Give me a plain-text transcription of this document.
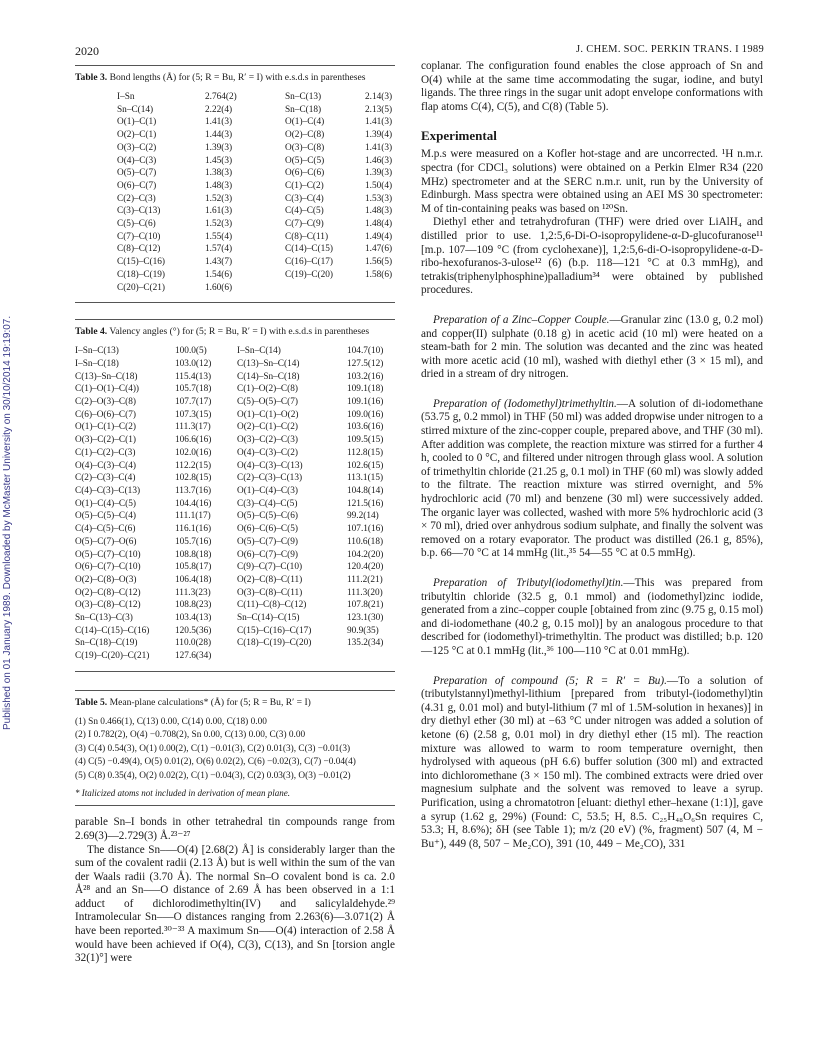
Published on 01 January 1989. Downloaded by McMaster University on 30/10/2014 19:19:07.
2020	J. CHEM. SOC. PERKIN TRANS. I 1989
Table 3. Bond lengths (Å) for (5; R = Bu, R′ = I) with e.s.d.s in parentheses
I–Sn	2.764(2)	Sn–C(13)	2.14(3)
Sn–C(14)	2.22(4)	Sn–C(18)	2.13(5)
O(1)–C(1)	1.41(3)	O(1)–C(4)	1.41(3)
O(2)–C(1)	1.44(3)	O(2)–C(8)	1.39(4)
O(3)–C(2)	1.39(3)	O(3)–C(8)	1.41(3)
O(4)–C(3)	1.45(3)	O(5)–C(5)	1.46(3)
O(5)–C(7)	1.38(3)	O(6)–C(6)	1.39(3)
O(6)–C(7)	1.48(3)	C(1)–C(2)	1.50(4)
C(2)–C(3)	1.52(3)	C(3)–C(4)	1.53(3)
C(3)–C(13)	1.61(3)	C(4)–C(5)	1.48(3)
C(5)–C(6)	1.52(3)	C(7)–C(9)	1.48(4)
C(7)–C(10)	1.55(4)	C(8)–C(11)	1.49(4)
C(8)–C(12)	1.57(4)	C(14)–C(15)	1.47(6)
C(15)–C(16)	1.43(7)	C(16)–C(17)	1.56(5)
C(18)–C(19)	1.54(6)	C(19)–C(20)	1.58(6)
C(20)–C(21)	1.60(6)		
Table 4. Valency angles (°) for (5; R = Bu, R′ = I) with e.s.d.s in parentheses
I–Sn–C(13)	100.0(5)	I–Sn–C(14)	104.7(10)
I–Sn–C(18)	103.0(12)	C(13)–Sn–C(14)	127.5(12)
C(13)–Sn–C(18)	115.4(13)	C(14)–Sn–C(18)	103.2(16)
C(1)–O(1)–C(4))	105.7(18)	C(1)–O(2)–C(8)	109.1(18)
C(2)–O(3)–C(8)	107.7(17)	C(5)–O(5)–C(7)	109.1(16)
C(6)–O(6)–C(7)	107.3(15)	O(1)–C(1)–O(2)	109.0(16)
O(1)–C(1)–C(2)	111.3(17)	O(2)–C(1)–C(2)	103.6(16)
O(3)–C(2)–C(1)	106.6(16)	O(3)–C(2)–C(3)	109.5(15)
C(1)–C(2)–C(3)	102.0(16)	O(4)–C(3)–C(2)	112.8(15)
O(4)–C(3)–C(4)	112.2(15)	O(4)–C(3)–C(13)	102.6(15)
C(2)–C(3)–C(4)	102.8(15)	C(2)–C(3)–C(13)	113.1(15)
C(4)–C(3)–C(13)	113.7(16)	O(1)–C(4)–C(3)	104.8(14)
O(1)–C(4)–C(5)	104.4(16)	C(3)–C(4)–C(5)	121.5(16)
O(5)–C(5)–C(4)	111.1(17)	O(5)–C(5)–C(6)	99.2(14)
C(4)–C(5)–C(6)	116.1(16)	O(6)–C(6)–C(5)	107.1(16)
O(5)–C(7)–O(6)	105.7(16)	O(5)–C(7)–C(9)	110.6(18)
O(5)–C(7)–C(10)	108.8(18)	O(6)–C(7)–C(9)	104.2(20)
O(6)–C(7)–C(10)	105.8(17)	C(9)–C(7)–C(10)	120.4(20)
O(2)–C(8)–O(3)	106.4(18)	O(2)–C(8)–C(11)	111.2(21)
O(2)–C(8)–C(12)	111.3(23)	O(3)–C(8)–C(11)	111.3(20)
O(3)–C(8)–C(12)	108.8(23)	C(11)–C(8)–C(12)	107.8(21)
Sn–C(13)–C(3)	103.4(13)	Sn–C(14)–C(15)	123.1(30)
C(14)–C(15)–C(16)	120.5(36)	C(15)–C(16)–C(17)	90.9(35)
Sn–C(18)–C(19)	110.0(28)	C(18)–C(19)–C(20)	135.2(34)
C(19)–C(20)–C(21)	127.6(34)		
Table 5. Mean-plane calculations* (Å) for (5; R = Bu, R′ = I)
(1) Sn 0.466(1), C(13) 0.00, C(14) 0.00, C(18) 0.00
(2) I 0.782(2), O(4) −0.708(2), Sn 0.00, C(13) 0.00, C(3) 0.00
(3) C(4) 0.54(3), O(1) 0.00(2), C(1) −0.01(3), C(2) 0.01(3), C(3) −0.01(3)
(4) C(5) −0.49(4), O(5) 0.01(2), O(6) 0.02(2), C(6) −0.02(3), C(7) −0.04(4)
(5) C(8) 0.35(4), O(2) 0.02(2), C(1) −0.04(3), C(2) 0.03(3), O(3) −0.01(2)
* Italicized atoms not included in derivation of mean plane.

parable Sn–I bonds in other tetrahedral tin compounds range from 2.69(3)—2.729(3) Å.²³⁻²⁷

The distance Sn–––O(4) [2.68(2) Å] is considerably larger than the sum of the covalent radii (2.13 Å) but is well within the sum of the van der Waals radii (3.70 Å). The normal Sn–O covalent bond is ca. 2.0 Å²⁸ and an Sn–––O distance of 2.69 Å has been observed in a 1:1 adduct of dichlorodimethyltin(IV) and salicylaldehyde.²⁹ Intramolecular Sn–––O distances ranging from 2.263(6)—3.071(2) Å have been reported.³⁰⁻³³ A maximum Sn–––O(4) interaction of 2.58 Å would have been achieved if O(4), C(3), C(13), and Sn [torsion angle 32(1)°] were

coplanar. The configuration found enables the close approach of Sn and O(4) while at the same time accommodating the sugar, iodine, and butyl ligands. The three rings in the sugar unit adopt envelope conformations with flap atoms C(4), C(5), and C(8) (Table 5).

Experimental

M.p.s were measured on a Kofler hot-stage and are uncorrected. ¹H n.m.r. spectra (for CDCl₃ solutions) were obtained on a Perkin Elmer R34 (220 MHz) spectrometer and at the SERC n.m.r. unit, run by the University of Edinburgh. Mass spectra were obtained using an AEI MS 30 spectrometer: M of tin-containing peaks was based on ¹²⁰Sn.

Diethyl ether and tetrahydrofuran (THF) were dried over LiAlH₄ and distilled prior to use. 1,2:5,6-Di-O-isopropylidene-α-D-glucofuranose¹¹ [m.p. 107—109 °C (from cyclohexane)], 1,2:5,6-di-O-isopropylidene-α-D-ribo-hexofuranos-3-ulose¹² (6) (b.p. 118—121 °C at 0.3 mmHg), and tetrakis(triphenylphosphine)palladium³⁴ were obtained by published procedures.

Preparation of a Zinc–Copper Couple.—Granular zinc (13.0 g, 0.2 mol) and copper(II) sulphate (0.18 g) in acetic acid (10 ml) were heated on a steam-bath for 2 min. The solution was decanted and the zinc was heated with more acetic acid (10 ml), washed with diethyl ether (3 × 15 ml), and dried in a stream of dry nitrogen.

Preparation of (Iodomethyl)trimethyltin.—A solution of di-iodomethane (53.75 g, 0.2 mmol) in THF (50 ml) was added dropwise under nitrogen to a stirred mixture of the zinc-copper couple, prepared above, and THF (30 ml). After addition was complete, the reaction mixture was stirred for a further 4 h, cooled to 0 °C, and filtered under nitrogen through glass wool. A solution of trimethyltin chloride (21.25 g, 0.1 mol) in THF (60 ml) was slowly added to the filtrate. The reaction mixture was stirred overnight, and 5% hydrochloric acid (70 ml) and benzene (30 ml) were successively added. The organic layer was collected, washed with more 5% hydrochloric acid (3 × 70 ml), dried over anhydrous sodium sulphate, and finally the solvent was removed on a rotary evaporator. The product was distilled (26.1 g, 85%), b.p. 66—70 °C at 14 mmHg (lit.,³⁵ 54—55 °C at 0.5 mmHg).

Preparation of Tributyl(iodomethyl)tin.—This was prepared from tributyltin chloride (32.5 g, 0.1 mmol) and (iodomethyl)zinc iodide, generated from a zinc–copper couple [obtained from zinc (9.75 g, 0.15 mol) and di-iodomethane (40.2 g, 0.15 mol)] by an analogous procedure to that described for (iodomethyl)-trimethyltin. The product was distilled; b.p. 120—125 °C at 0.1 mmHg (lit.,³⁶ 100—110 °C at 0.01 mmHg).

Preparation of compound (5; R = R′ = Bu).—To a solution of (tributylstannyl)methyl-lithium [prepared from tributyl-(iodomethyl)tin (4.31 g, 0.01 mol) and butyl-lithium (7 ml of 1.5M-solution in hexanes)] in dry diethyl ether (30 ml) at −63 °C under nitrogen was added a solution of ketone (6) (2.58 g, 0.01 mol) in dry diethyl ether (15 ml). The reaction mixture was allowed to warm to room temperature overnight, then hydrolysed with aqueous (pH 6.6) buffer solution (300 ml) and extracted into dichloromethane (3 × 150 ml). The combined extracts were dried over magnesium sulphate and the solvent was removed to leave a syrup. Purification, using a chromatotron [eluant: diethyl ether–hexane (1:1)], gave a syrup (1.62 g, 29%) (Found: C, 53.5; H, 8.5. C₂₅H₄₈O₆Sn requires C, 53.3; H, 8.6%); δH (see Table 1); m/z (20 eV) (%, fragment) 507 (4, M − Bu⁺), 449 (8, 507 − Me₂CO), 391 (10, 449 − Me₂CO), 331
